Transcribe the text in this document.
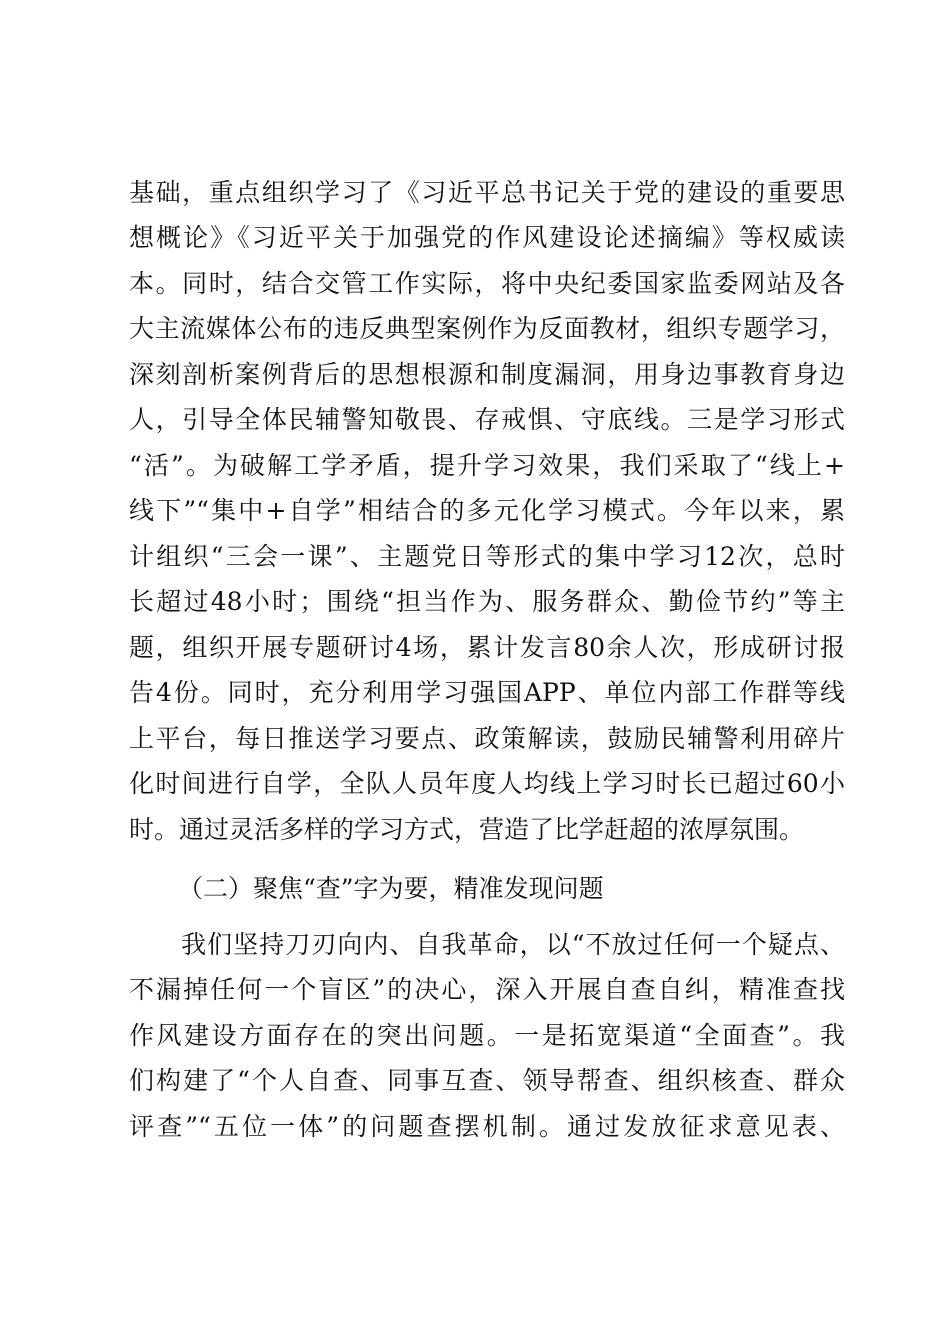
基础，重点组织学习了《习近平总书记关于党的建设的重要思
想概论》《习近平关于加强党的作风建设论述摘编》等权威读
本。同时，结合交管工作实际，将中央纪委国家监委网站及各
大主流媒体公布的违反典型案例作为反面教材，组织专题学习，
深刻剖析案例背后的思想根源和制度漏洞，用身边事教育身边
人，引导全体民辅警知敬畏、存戒惧、守底线。三是学习形式
“活”。为破解工学矛盾，提升学习效果，我们采取了“线上+
线下”“集中+自学”相结合的多元化学习模式。今年以来，累
计组织“三会一课”、主题党日等形式的集中学习12次，总时
长超过48小时；围绕“担当作为、服务群众、勤俭节约”等主
题，组织开展专题研讨4场，累计发言80余人次，形成研讨报
告4份。同时，充分利用学习强国APP、单位内部工作群等线
上平台，每日推送学习要点、政策解读，鼓励民辅警利用碎片
化时间进行自学，全队人员年度人均线上学习时长已超过60小
时。通过灵活多样的学习方式，营造了比学赶超的浓厚氛围。
（二）聚焦“查”字为要，精准发现问题
　　我们坚持刀刃向内、自我革命，以“不放过任何一个疑点、
不漏掉任何一个盲区”的决心，深入开展自查自纠，精准查找
作风建设方面存在的突出问题。一是拓宽渠道“全面查”。我
们构建了“个人自查、同事互查、领导帮查、组织核查、群众
评查”“五位一体”的问题查摆机制。通过发放征求意见表、
